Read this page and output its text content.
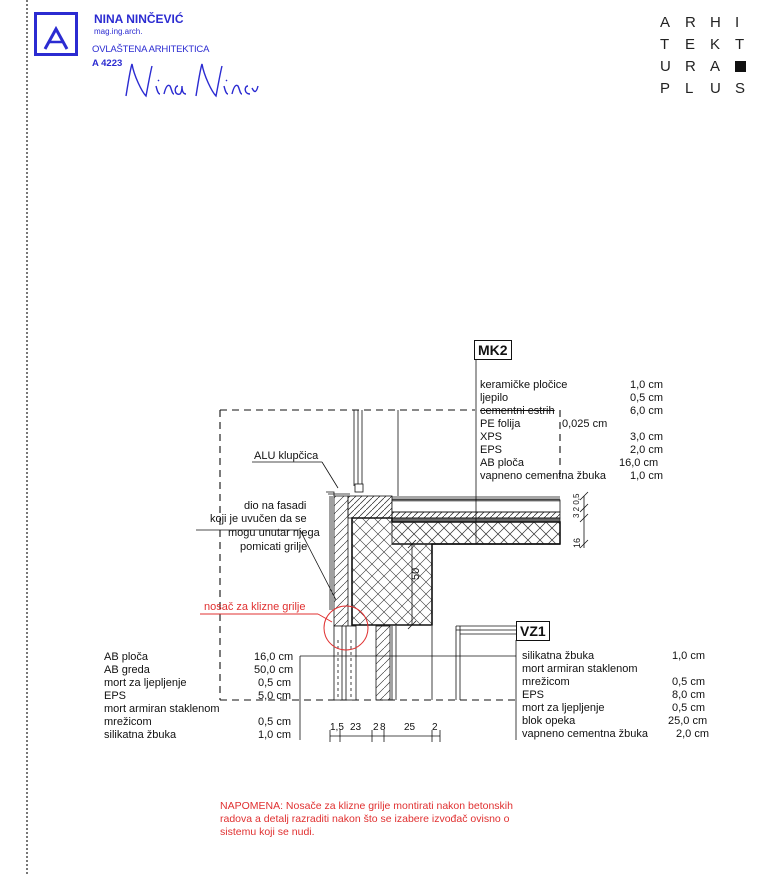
NINA NINČEVIĆ
mag.ing.arch.
OVLAŠTENA ARHITEKTICA
A 4223
A R H I
T	E K T
U R A
P L	U S
MK2
VZ1
keramičke pločice	1,0 cm
ljepilo	0,5 cm
cementni estrih	6,0 cm
PE folija	0,025 cm
XPS	3,0 cm
EPS	2,0 cm
AB ploča	16,0 cm
vapneno cementna žbuka 1,0 cm
silikatna žbuka	1,0 cm
mort armiran staklenom
mrežicom	0,5 cm
EPS	8,0 cm
mort za ljepljenje	0,5 cm
blok opeka	25,0 cm
vapneno cementna žbuka	2,0 cm
AB ploča	16,0 cm
AB greda	50,0 cm
mort za ljepljenje	0,5 cm
EPS	5,0 cm
mort armiran staklenom
mrežicom	0,5 cm
silikatna žbuka	1,0 cm
ALU klupčica
dio na fasadi
koji je uvučen da se
mogu unutar njega
pomicati grilje
nosač za klizne grilje
50
16
3 2 0,5
1,5 23 2 8 25 2
NAPOMENA: Nosače za klizne grilje montirati nakon betonskih
radova a detalj razraditi nakon što se izabere izvođač ovisno o
sistemu koji se nudi.
